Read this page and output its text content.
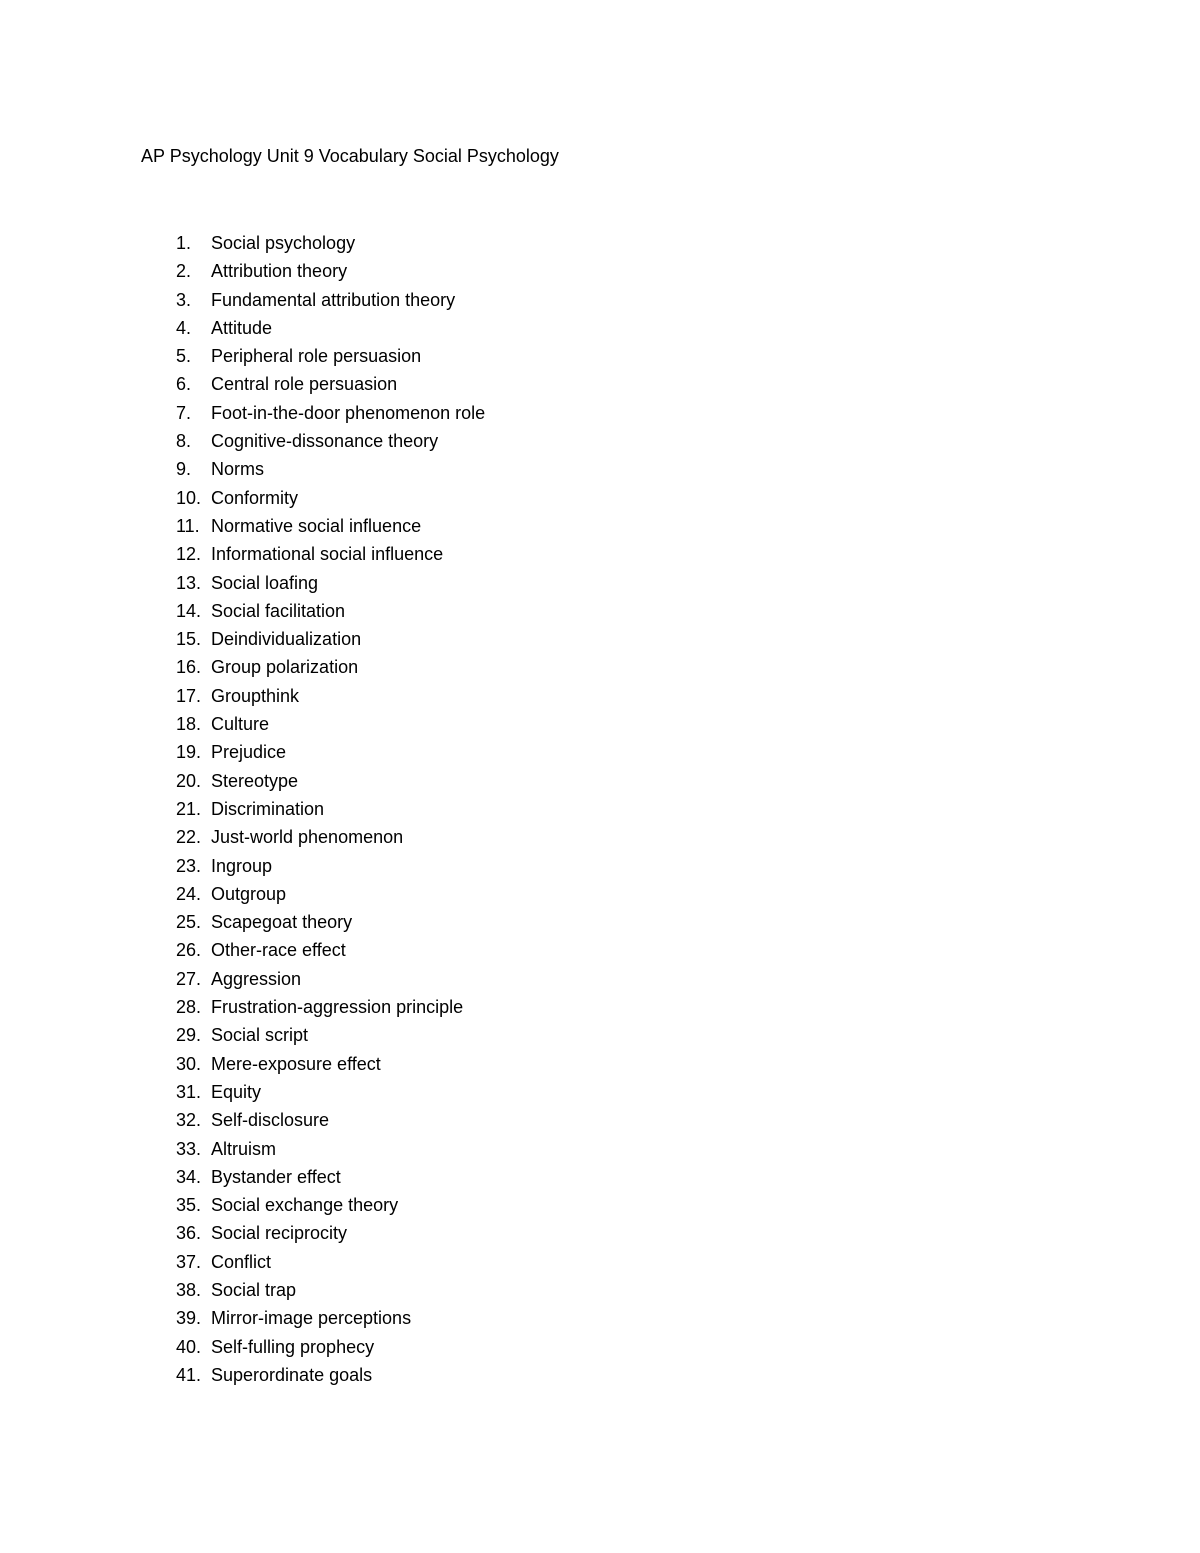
AP Psychology Unit 9 Vocabulary Social Psychology
1. Social psychology
2. Attribution theory
3. Fundamental attribution theory
4. Attitude
5. Peripheral role persuasion
6. Central role persuasion
7. Foot-in-the-door phenomenon role
8. Cognitive-dissonance theory
9. Norms
10. Conformity
11. Normative social influence
12. Informational social influence
13. Social loafing
14. Social facilitation
15. Deindividualization
16. Group polarization
17. Groupthink
18. Culture
19. Prejudice
20. Stereotype
21. Discrimination
22. Just-world phenomenon
23. Ingroup
24. Outgroup
25. Scapegoat theory
26. Other-race effect
27. Aggression
28. Frustration-aggression principle
29. Social script
30. Mere-exposure effect
31. Equity
32. Self-disclosure
33. Altruism
34. Bystander effect
35. Social exchange theory
36. Social reciprocity
37. Conflict
38. Social trap
39. Mirror-image perceptions
40. Self-fulling prophecy
41. Superordinate goals
